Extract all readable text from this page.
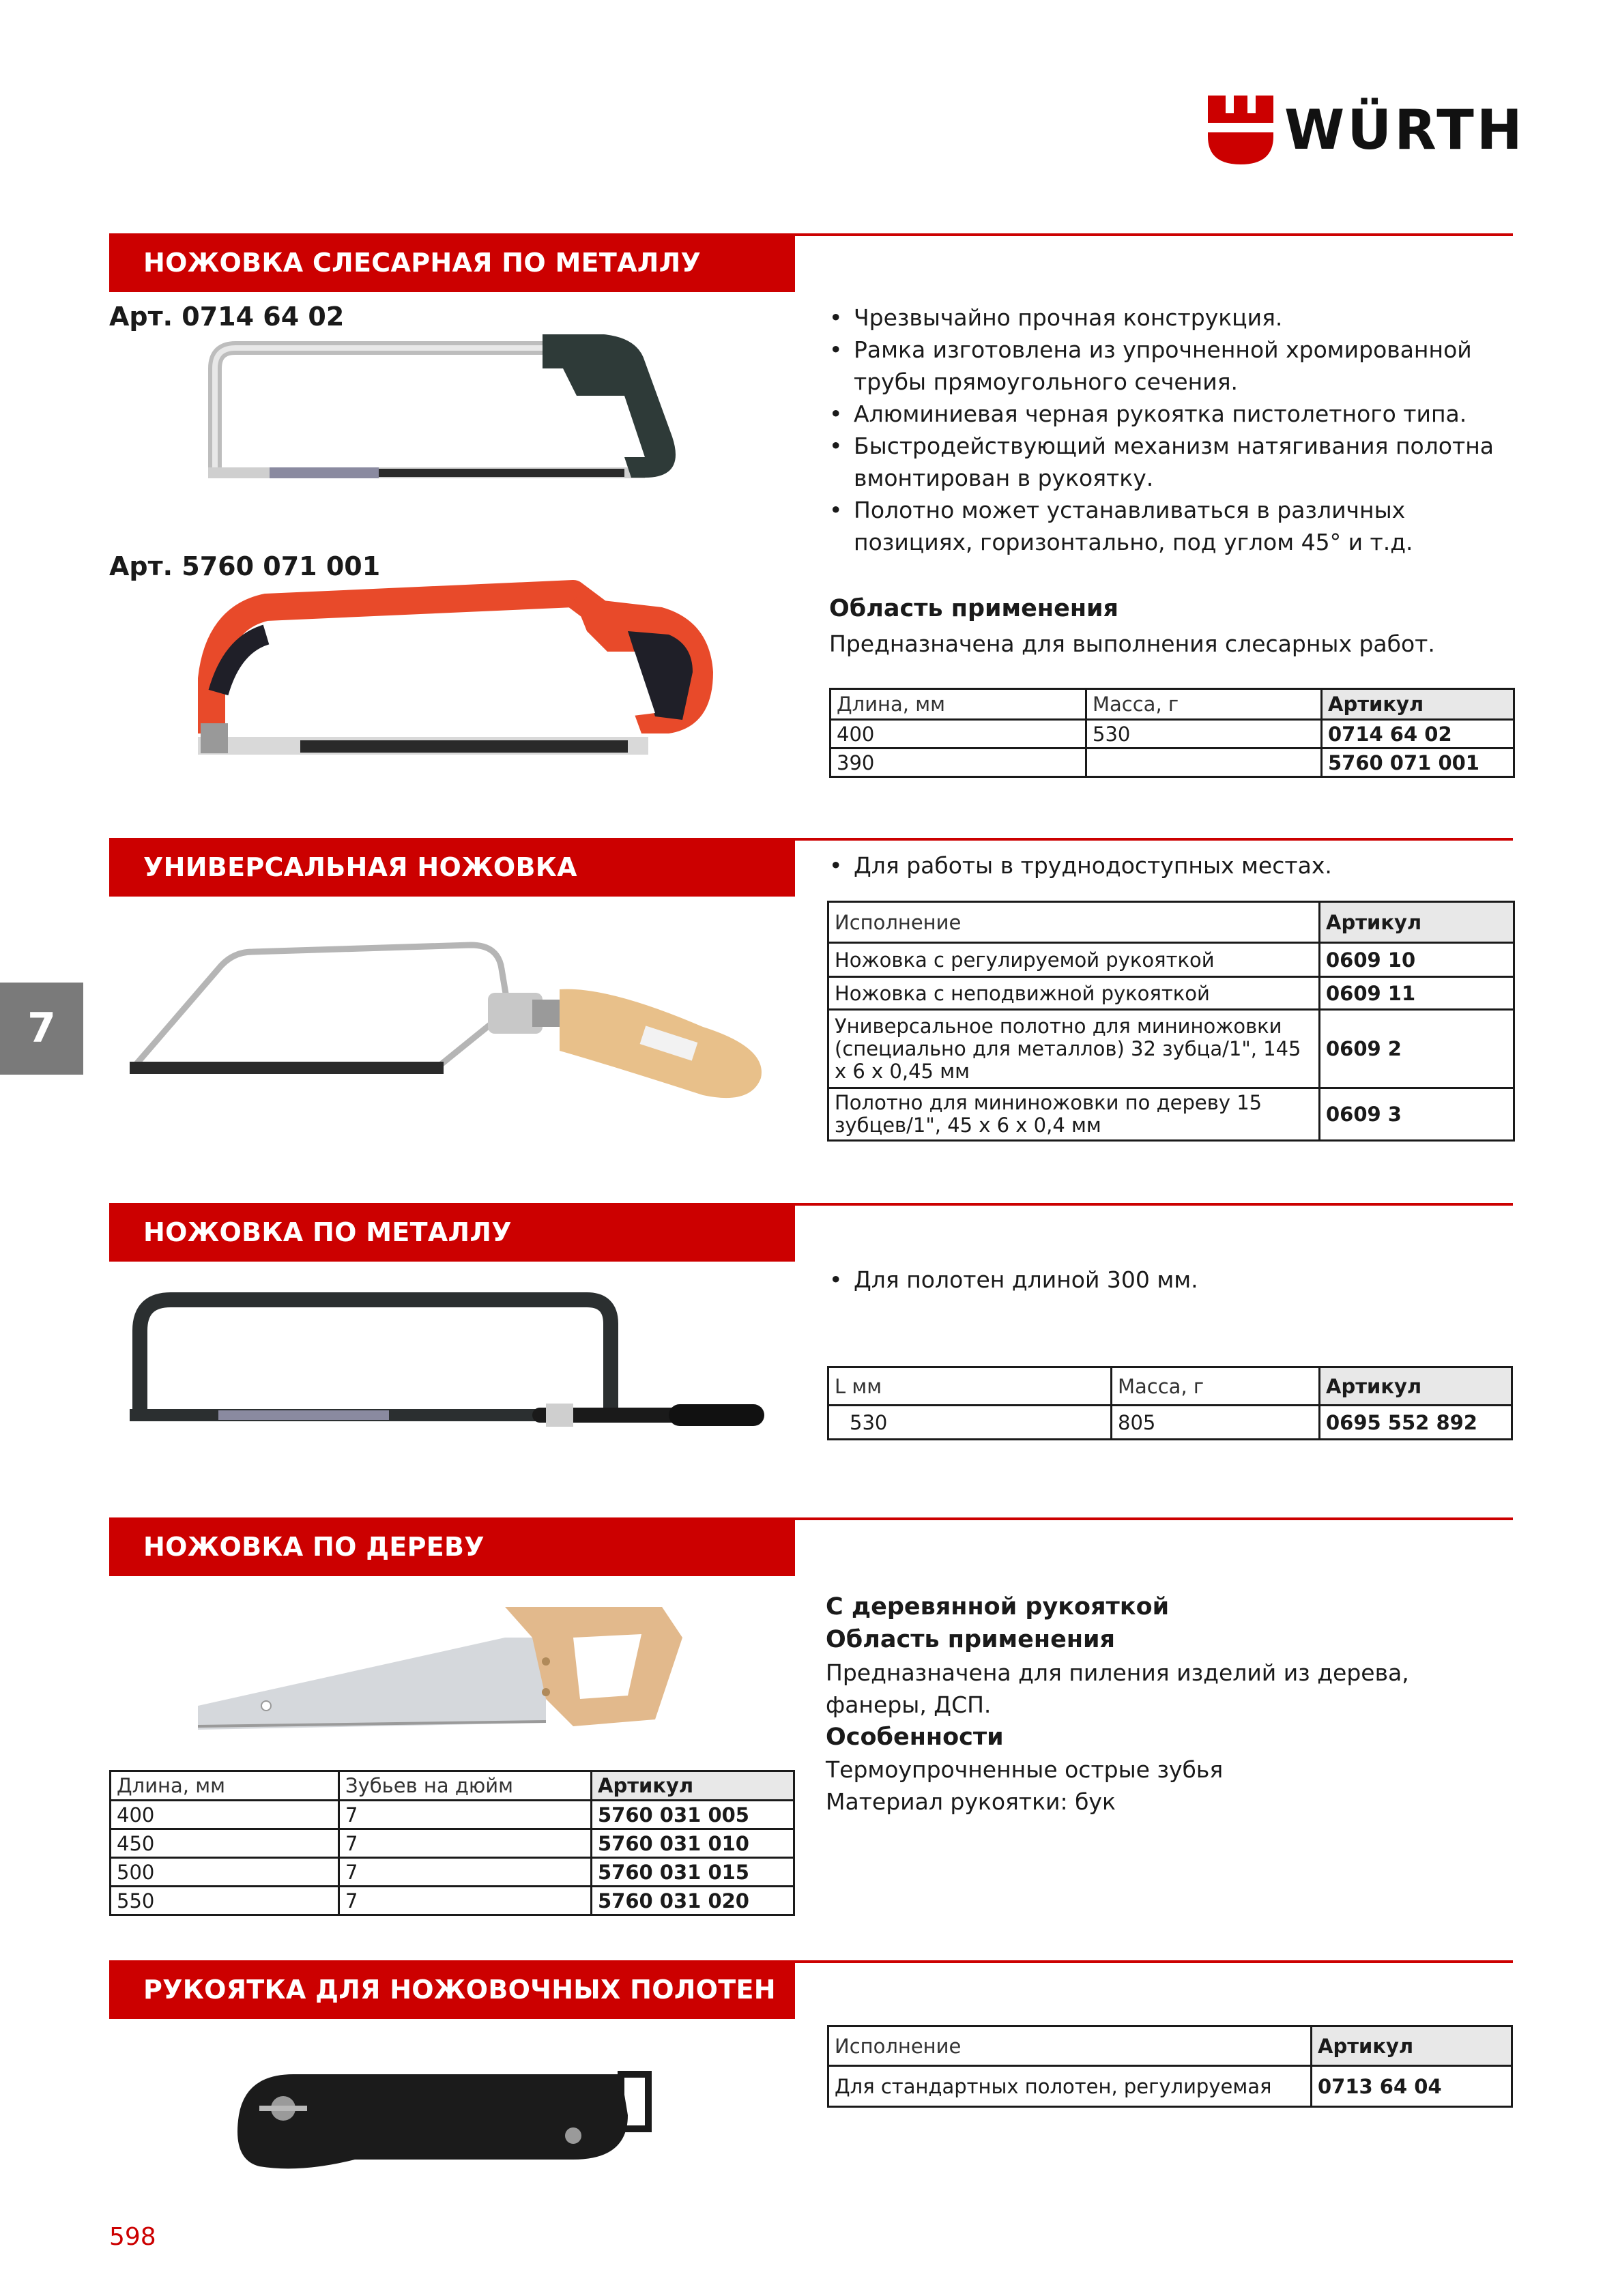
WÜRTH
НОЖОВКА СЛЕСАРНАЯ ПО МЕТАЛЛУ
Арт. 0714 64 02
Арт. 5760 071 001
• Чрезвычайно прочная конструкция.
• Рамка изготовлена из упрочненной хромированной трубы прямоугольного сечения.
• Алюминиевая черная рукоятка пистолетного типа.
• Быстродействующий механизм натягивания полотна вмонтирован в рукоятку.
• Полотно может устанавливаться в различных позициях, горизонтально, под углом 45° и т.д.
Область применения
Предназначена для выполнения слесарных работ.
Длина, мм	Масса, г	Артикул
400	530	0714 64 02
390		5760 071 001
УНИВЕРСАЛЬНАЯ НОЖОВКА	• Для работы в труднодоступных местах.
Исполнение	Артикул
Ножовка с регулируемой рукояткой	0609 10
Ножовка с неподвижной рукояткой	0609 11
Универсальное полотно для мининожовки (специально для металлов) 32 зубца/1", 145 x 6 x 0,45 мм	0609 2
Полотно для мининожовки по дереву 15 зубцев/1", 45 x 6 x 0,4 мм	0609 3
НОЖОВКА ПО МЕТАЛЛУ
• Для полотен длиной 300 мм.
L мм	Масса, г	Артикул
530	805	0695 552 892
НОЖОВКА ПО ДЕРЕВУ
Длина, мм	Зубьев на дюйм	Артикул
400	7	5760 031 005
450	7	5760 031 010
500	7	5760 031 015
550	7	5760 031 020
С деревянной рукояткой
Область применения
Предназначена для пиления изделий из дерева, фанеры, ДСП.
Особенности
Термоупрочненные острые зубья
Материал рукоятки: бук
РУКОЯТКА ДЛЯ НОЖОВОЧНЫХ ПОЛОТЕН
Исполнение	Артикул
Для стандартных полотен, регулируемая	0713 64 04
7
598
